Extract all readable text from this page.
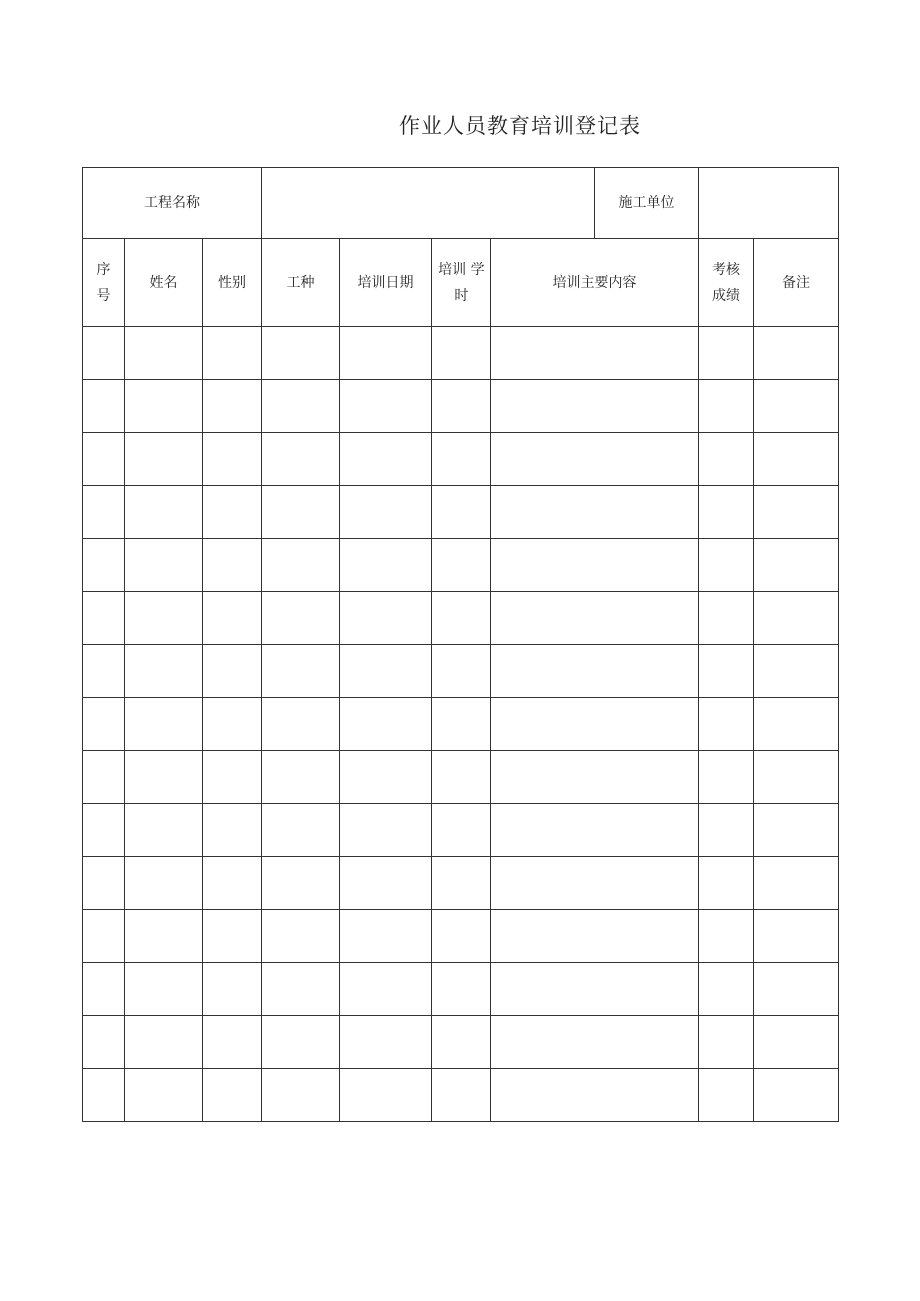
作业人员教育培训登记表
工程名称							施工单位		
序号	姓名	性别	工种	培训日期	培训 学时	培训主要内容		考核成绩	备注
